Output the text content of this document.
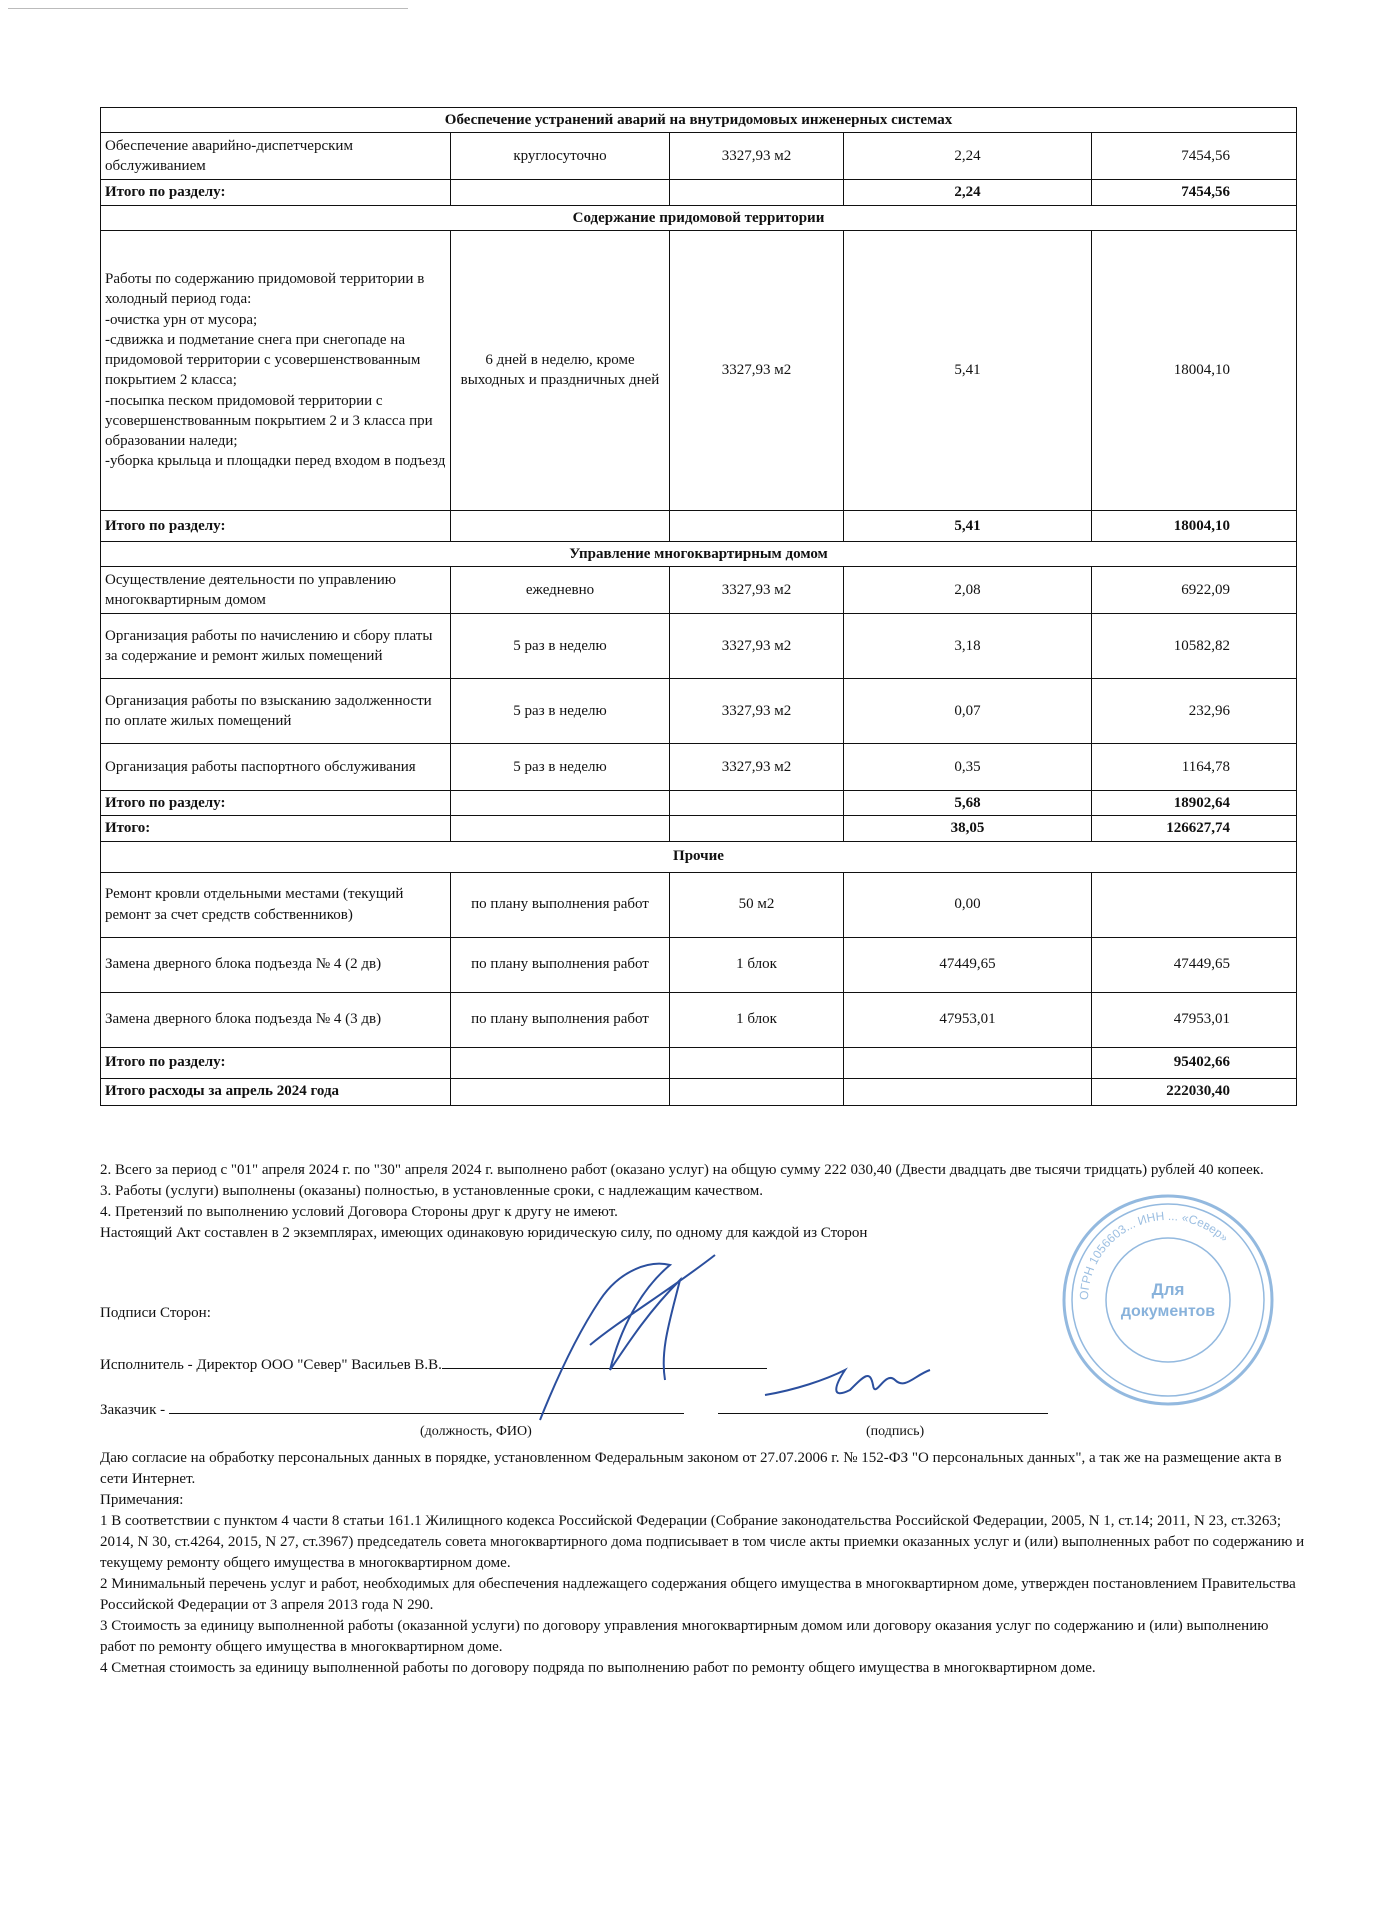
Обеспечение устранений аварий на внутридомовых инженерных системах				
Обеспечение аварийно-диспетчерским обслуживанием	круглосуточно	3327,93 м2	2,24	7454,56
Итого по разделу:			2,24	7454,56
Содержание придомовой территории				
Работы по содержанию придомовой территории в холодный период года:
-очистка урн от мусора;
-сдвижка и подметание снега при снегопаде на придомовой территории с усовершенствованным покрытием 2 класса;
-посыпка песком придомовой территории с усовершенствованным покрытием 2 и 3 класса при образовании наледи;
-уборка крыльца и площадки перед входом в подъезд	6 дней в неделю, кроме выходных и праздничных дней	3327,93 м2	5,41	18004,10
Итого по разделу:			5,41	18004,10
Управление многоквартирным домом				
Осуществление деятельности по управлению многоквартирным домом	ежедневно	3327,93 м2	2,08	6922,09
Организация работы по начислению и сбору платы за содержание и ремонт жилых помещений	5 раз в неделю	3327,93 м2	3,18	10582,82
Организация работы по взысканию задолженности по оплате жилых помещений	5 раз в неделю	3327,93 м2	0,07	232,96
Организация работы паспортного обслуживания	5 раз в неделю	3327,93 м2	0,35	1164,78
Итого по разделу:			5,68	18902,64
Итого:			38,05	126627,74
Прочие				
Ремонт кровли отдельными местами (текущий ремонт за счет средств собственников)	по плану выполнения работ	50 м2	0,00	
Замена дверного блока подъезда № 4 (2 дв)	по плану выполнения работ	1 блок	47449,65	47449,65
Замена дверного блока подъезда № 4 (3 дв)	по плану выполнения работ	1 блок	47953,01	47953,01
Итого по разделу:				95402,66
Итого расходы за апрель 2024 года				222030,40

2. Всего за период с "01" апреля 2024 г. по "30" апреля 2024 г. выполнено работ (оказано услуг) на общую сумму 222 030,40 (Двести двадцать две тысячи тридцать) рублей 40 копеек.

3. Работы (услуги) выполнены (оказаны) полностью, в установленные сроки, с надлежащим качеством.

4. Претензий по выполнению условий Договора Стороны друг к другу не имеют.

Настоящий Акт составлен в 2 экземплярах, имеющих одинаковую юридическую силу, по одному для каждой из Сторон

Подписи Сторон:
Исполнитель - Директор ООО "Север" Васильев В.В.
Заказчик -
(должность, ФИО)	(подпись)

Даю согласие на обработку персональных данных в порядке, установленном Федеральным законом от 27.07.2006 г. № 152-ФЗ "О персональных данных", а так же на размещение акта в сети Интернет.

Примечания:

1 В соответствии с пунктом 4 части 8 статьи 161.1 Жилищного кодекса Российской Федерации (Собрание законодательства Российской Федерации, 2005, N 1, ст.14; 2011, N 23, ст.3263; 2014, N 30, ст.4264, 2015, N 27, ст.3967) председатель совета многоквартирного дома подписывает в том числе акты приемки оказанных услуг и (или) выполненных работ по содержанию и текущему ремонту общего имущества в многоквартирном доме.

2 Минимальный перечень услуг и работ, необходимых для обеспечения надлежащего содержания общего имущества в многоквартирном доме, утвержден постановлением Правительства Российской Федерации от 3 апреля 2013 года N 290.

3 Стоимость за единицу выполненной работы (оказанной услуги) по договору управления многоквартирным домом или договору оказания услуг по содержанию и (или) выполнению работ по ремонту общего имущества в многоквартирном доме.

4 Сметная стоимость за единицу выполненной работы по договору подряда по выполнению работ по ремонту общего имущества в многоквартирном доме.

Для
документов
ОГРН 1056603... ИНН ... «Север»
